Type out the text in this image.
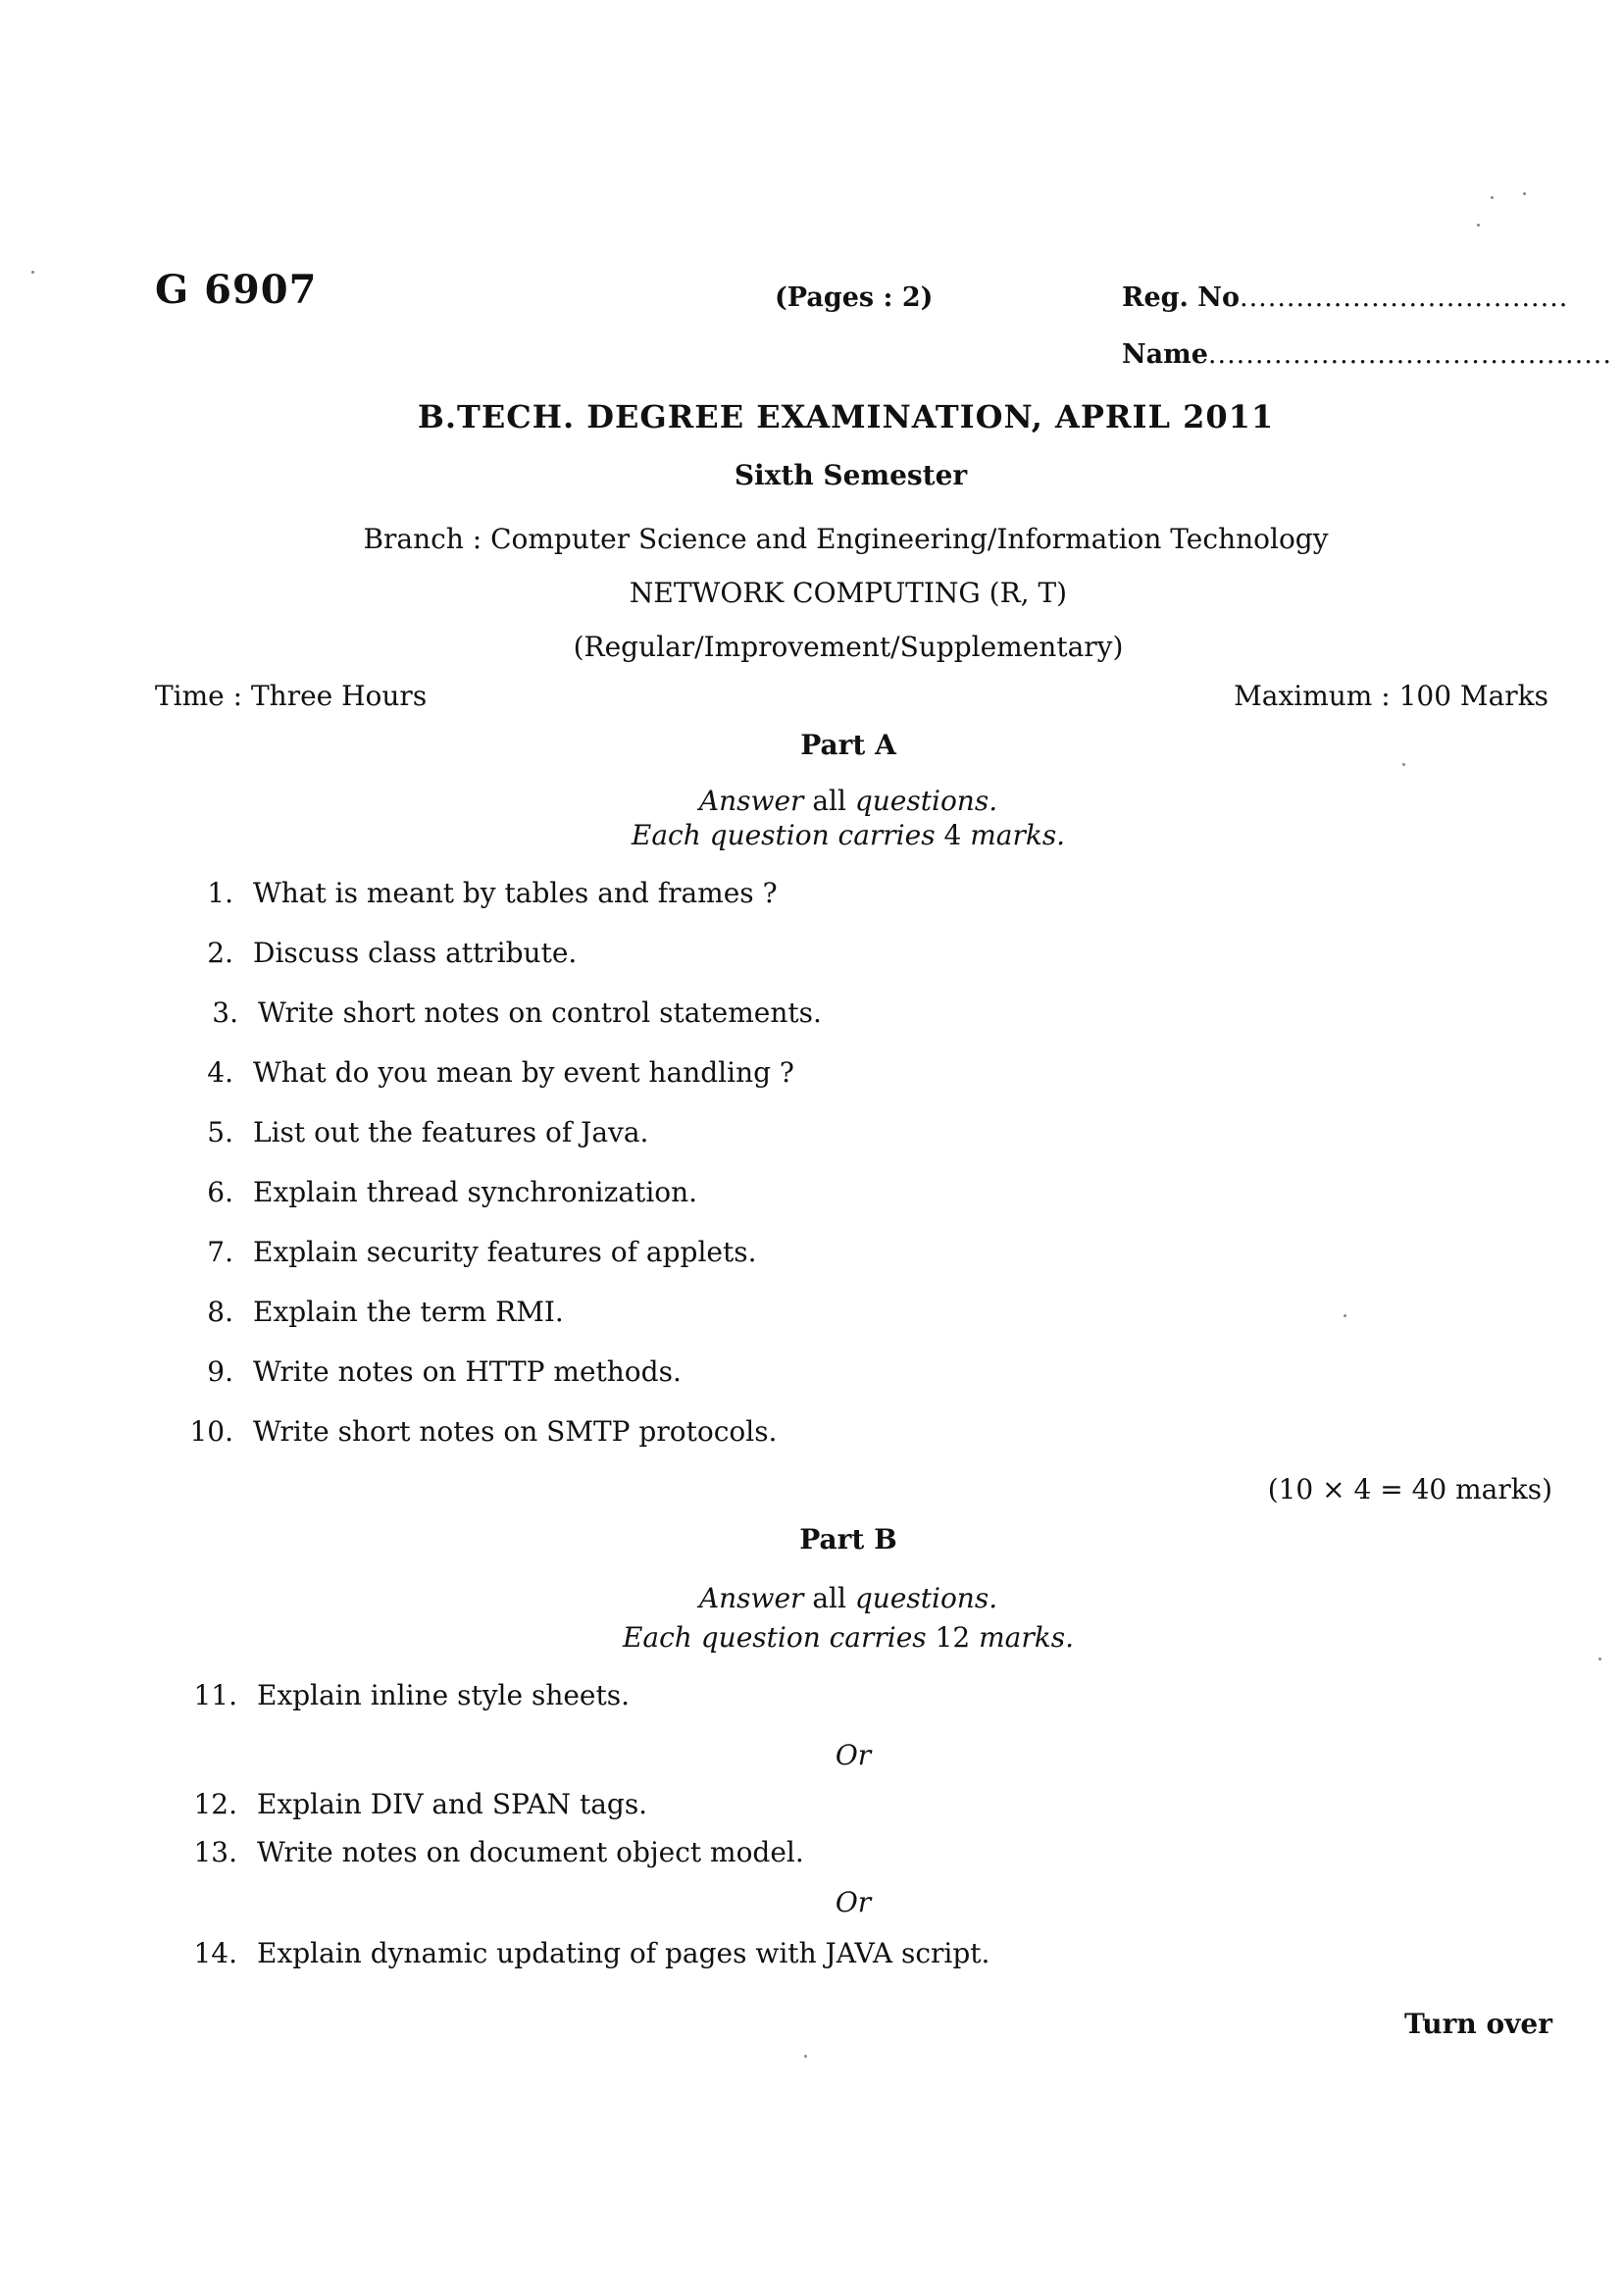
G 6907	(Pages : 2)	Reg. No...................................
Name...........................................
B.TECH. DEGREE EXAMINATION, APRIL 2011
Sixth Semester
Branch : Computer Science and Engineering/Information Technology
NETWORK COMPUTING (R, T)
(Regular/Improvement/Supplementary)
Time : Three Hours	Maximum : 100 Marks
Part A
Answer all questions.
Each question carries 4 marks.
1. What is meant by tables and frames ?
2. Discuss class attribute.
3. Write short notes on control statements.
4. What do you mean by event handling ?
5. List out the features of Java.
6. Explain thread synchronization.
7. Explain security features of applets.
8. Explain the term RMI.
9. Write notes on HTTP methods.
10. Write short notes on SMTP protocols.
(10 × 4 = 40 marks)
Part B
Answer all questions.
Each question carries 12 marks.
11. Explain inline style sheets.
Or
12. Explain DIV and SPAN tags.
13. Write notes on document object model.
Or
14. Explain dynamic updating of pages with JAVA script.
Turn over
